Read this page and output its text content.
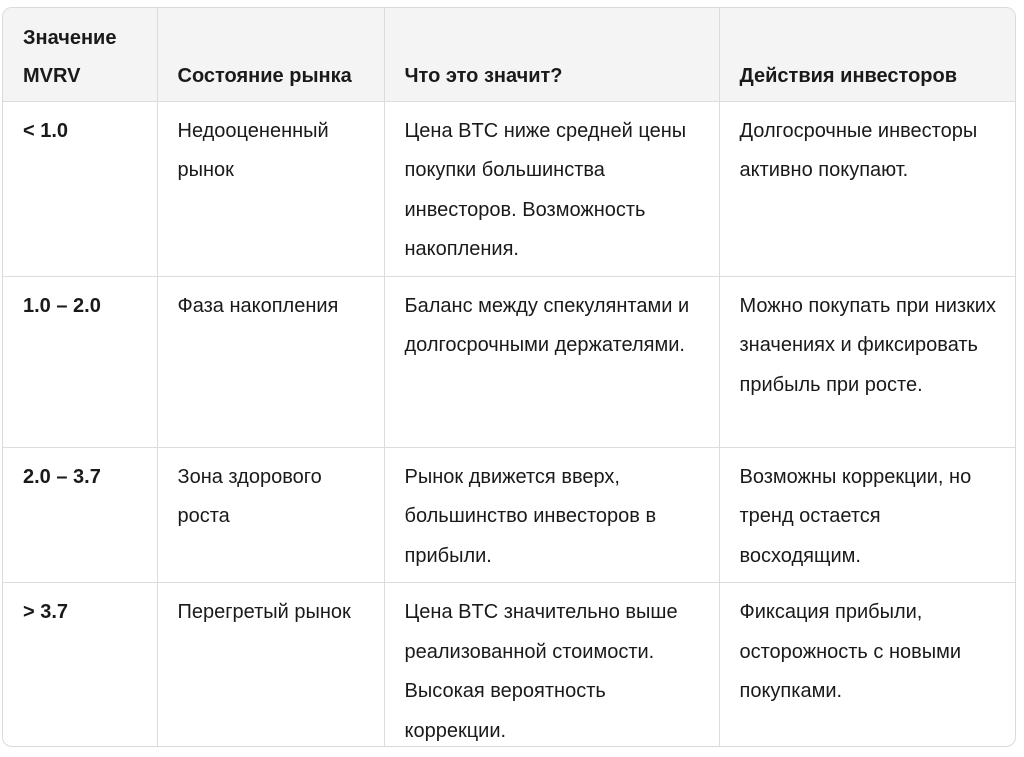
Значение MVRV	Состояние рынка	Что это значит?	Действия инвесторов
< 1.0	Недооцененный рынок	Цена BTC ниже средней цены покупки большинства инвесторов. Возможность накопления.	Долгосрочные инвесторы активно покупают.
1.0 – 2.0	Фаза накопления	Баланс между спекулянтами и долгосрочными держателями.	Можно покупать при низких значениях и фиксировать прибыль при росте.
2.0 – 3.7	Зона здорового роста	Рынок движется вверх, большинство инвесторов в прибыли.	Возможны коррекции, но тренд остается восходящим.
> 3.7	Перегретый рынок	Цена BTC значительно выше реализованной стоимости. Высокая вероятность коррекции.	Фиксация прибыли, осторожность с новыми покупками.
